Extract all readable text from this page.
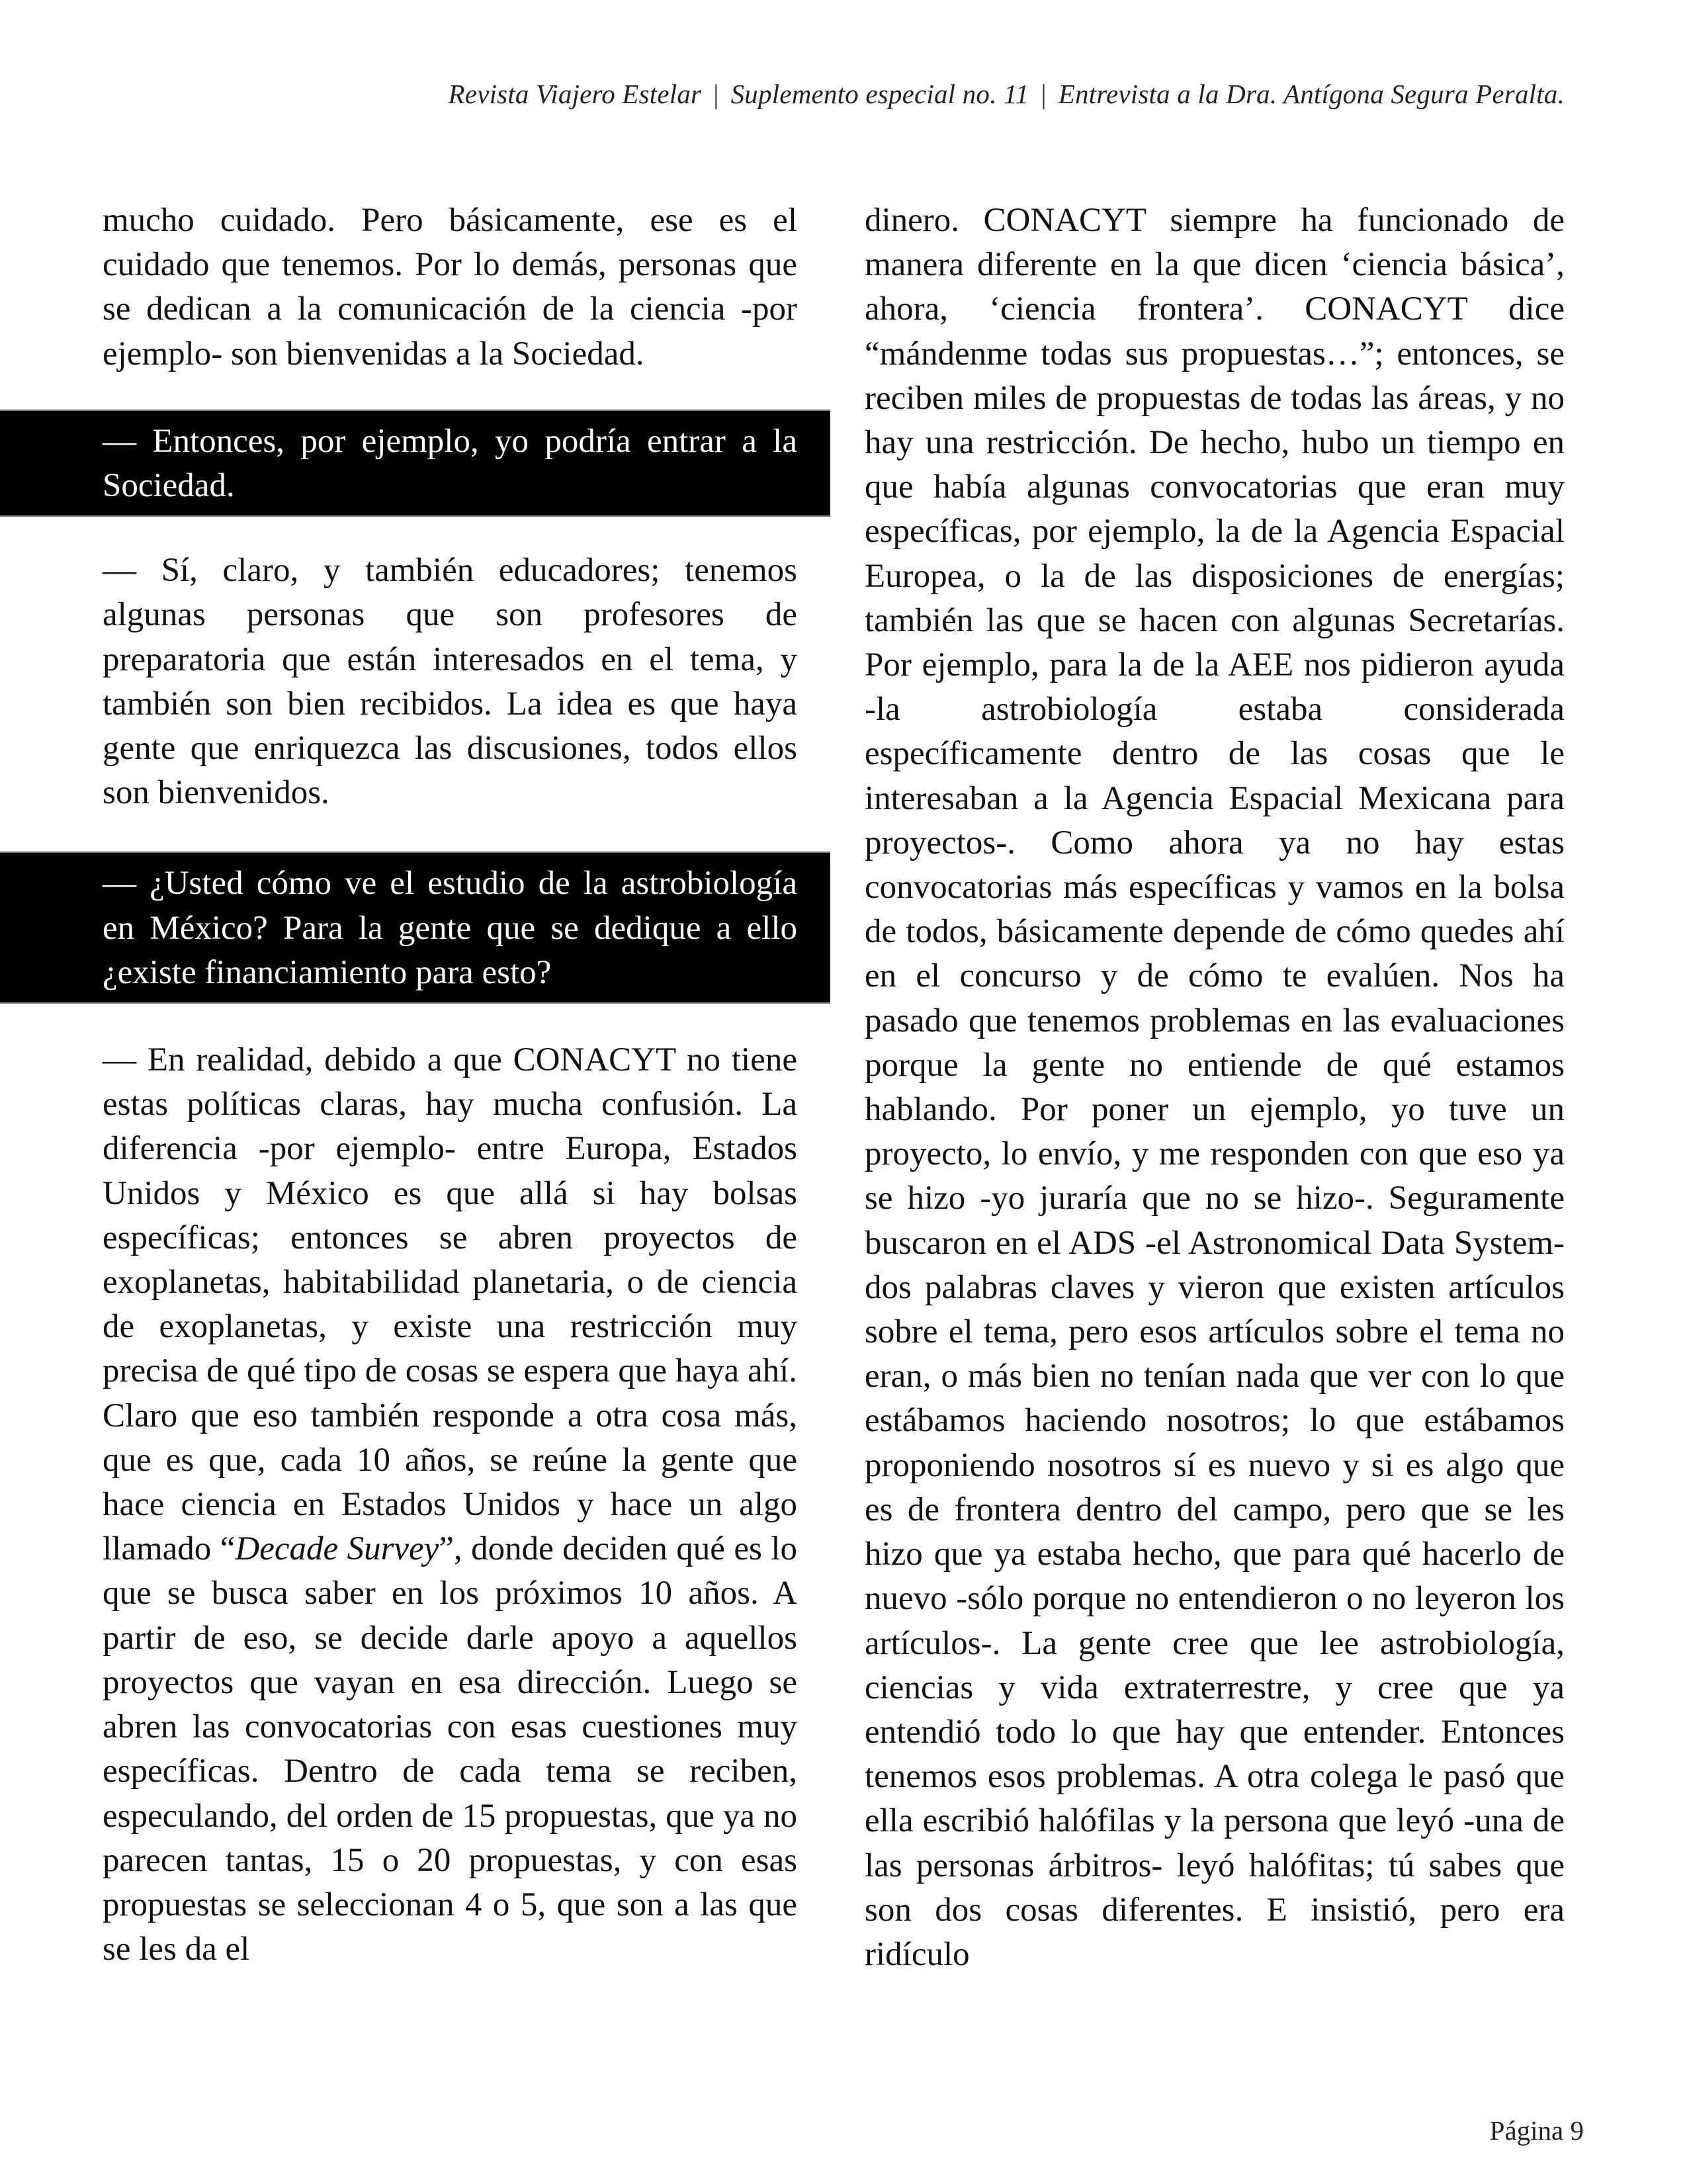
Revista Viajero Estelar | Suplemento especial no. 11 | Entrevista a la Dra. Antígona Segura Peralta.

mucho cuidado. Pero básicamente, ese es el cuidado que tenemos. Por lo demás, personas que se dedican a la comunicación de la ciencia -por ejemplo- son bienvenidas a la Sociedad.

— Entonces, por ejemplo, yo podría entrar a la Sociedad.

— Sí, claro, y también educadores; tenemos algunas personas que son profesores de preparatoria que están interesados en el tema, y también son bien recibidos. La idea es que haya gente que enriquezca las discusiones, todos ellos son bienvenidos.

— ¿Usted cómo ve el estudio de la astrobiología en México? Para la gente que se dedique a ello ¿existe financiamiento para esto?

— En realidad, debido a que CONACYT no tiene estas políticas claras, hay mucha confusión. La diferencia -por ejemplo- entre Europa, Estados Unidos y México es que allá si hay bolsas específicas; entonces se abren proyectos de exoplanetas, habitabilidad planetaria, o de ciencia de exoplanetas, y existe una restricción muy precisa de qué tipo de cosas se espera que haya ahí. Claro que eso también responde a otra cosa más, que es que, cada 10 años, se reúne la gente que hace ciencia en Estados Unidos y hace un algo llamado “Decade Survey”, donde deciden qué es lo que se busca saber en los próximos 10 años. A partir de eso, se decide darle apoyo a aquellos proyectos que vayan en esa dirección. Luego se abren las convocatorias con esas cuestiones muy específicas. Dentro de cada tema se reciben, especulando, del orden de 15 propuestas, que ya no parecen tantas, 15 o 20 propuestas, y con esas propuestas se seleccionan 4 o 5, que son a las que se les da el

dinero. CONACYT siempre ha funcionado de manera diferente en la que dicen ‘ciencia básica’, ahora, ‘ciencia frontera’. CONACYT dice “mándenme todas sus propuestas…”; entonces, se reciben miles de propuestas de todas las áreas, y no hay una restricción. De hecho, hubo un tiempo en que había algunas convocatorias que eran muy específicas, por ejemplo, la de la Agencia Espacial Europea, o la de las disposiciones de energías; también las que se hacen con algunas Secretarías. Por ejemplo, para la de la AEE nos pidieron ayuda -la astrobiología estaba considerada específicamente dentro de las cosas que le interesaban a la Agencia Espacial Mexicana para proyectos-. Como ahora ya no hay estas convocatorias más específicas y vamos en la bolsa de todos, básicamente depende de cómo quedes ahí en el concurso y de cómo te evalúen. Nos ha pasado que tenemos problemas en las evaluaciones porque la gente no entiende de qué estamos hablando. Por poner un ejemplo, yo tuve un proyecto, lo envío, y me responden con que eso ya se hizo -yo juraría que no se hizo-. Seguramente buscaron en el ADS -el Astronomical Data System- dos palabras claves y vieron que existen artículos sobre el tema, pero esos artículos sobre el tema no eran, o más bien no tenían nada que ver con lo que estábamos haciendo nosotros; lo que estábamos proponiendo nosotros sí es nuevo y si es algo que es de frontera dentro del campo, pero que se les hizo que ya estaba hecho, que para qué hacerlo de nuevo -sólo porque no entendieron o no leyeron los artículos-. La gente cree que lee astrobiología, ciencias y vida extraterrestre, y cree que ya entendió todo lo que hay que entender. Entonces tenemos esos problemas. A otra colega le pasó que ella escribió halófilas y la persona que leyó -una de las personas árbitros- leyó halófitas; tú sabes que son dos cosas diferentes. E insistió, pero era ridículo

Página 9
